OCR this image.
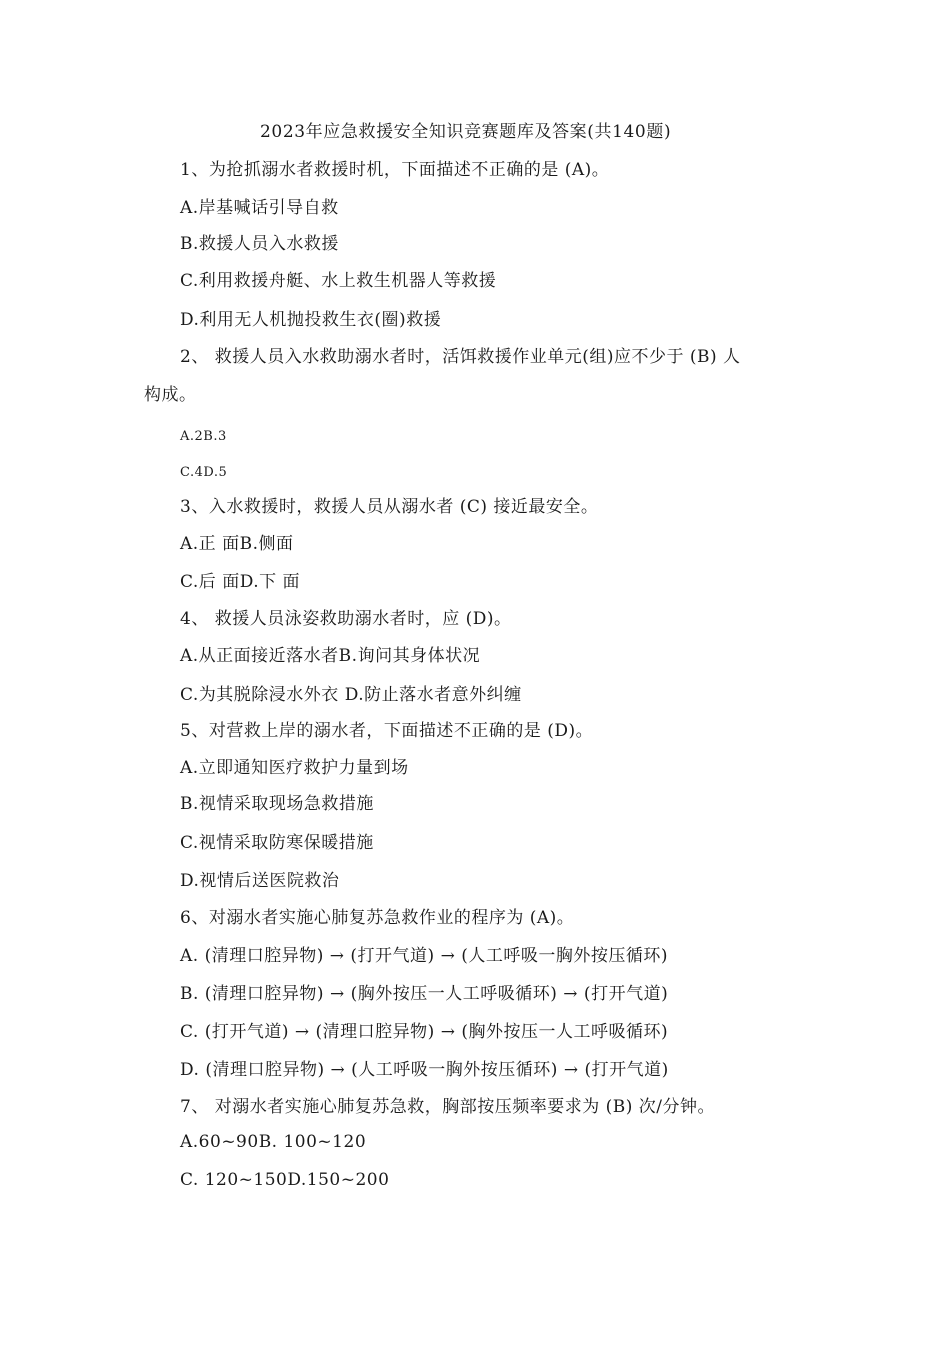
2023年应急救援安全知识竞赛题库及答案(共140题)
1、为抢抓溺水者救援时机，下面描述不正确的是 (A)。
A.岸基喊话引导自救
B.救援人员入水救援
C.利用救援舟艇、水上救生机器人等救援
D.利用无人机抛投救生衣(圈)救援
2、 救援人员入水救助溺水者时，活饵救援作业单元(组)应不少于 (B) 人
构成。
A.2B.3
C.4D.5
3、入水救援时，救援人员从溺水者 (C) 接近最安全。
A.正 面B.侧面
C.后 面D.下 面
4、 救援人员泳姿救助溺水者时，应 (D)。
A.从正面接近落水者B.询问其身体状况
C.为其脱除浸水外衣 D.防止落水者意外纠缠
5、对营救上岸的溺水者，下面描述不正确的是 (D)。
A.立即通知医疗救护力量到场
B.视情采取现场急救措施
C.视情采取防寒保暖措施
D.视情后送医院救治
6、对溺水者实施心肺复苏急救作业的程序为 (A)。
A. (清理口腔异物) → (打开气道) → (人工呼吸一胸外按压循环)
B. (清理口腔异物) → (胸外按压一人工呼吸循环) → (打开气道)
C. (打开气道) → (清理口腔异物) → (胸外按压一人工呼吸循环)
D. (清理口腔异物) → (人工呼吸一胸外按压循环) → (打开气道)
7、 对溺水者实施心肺复苏急救，胸部按压频率要求为 (B) 次/分钟。
A.60~90B. 100~120
C. 120~150D.150~200
